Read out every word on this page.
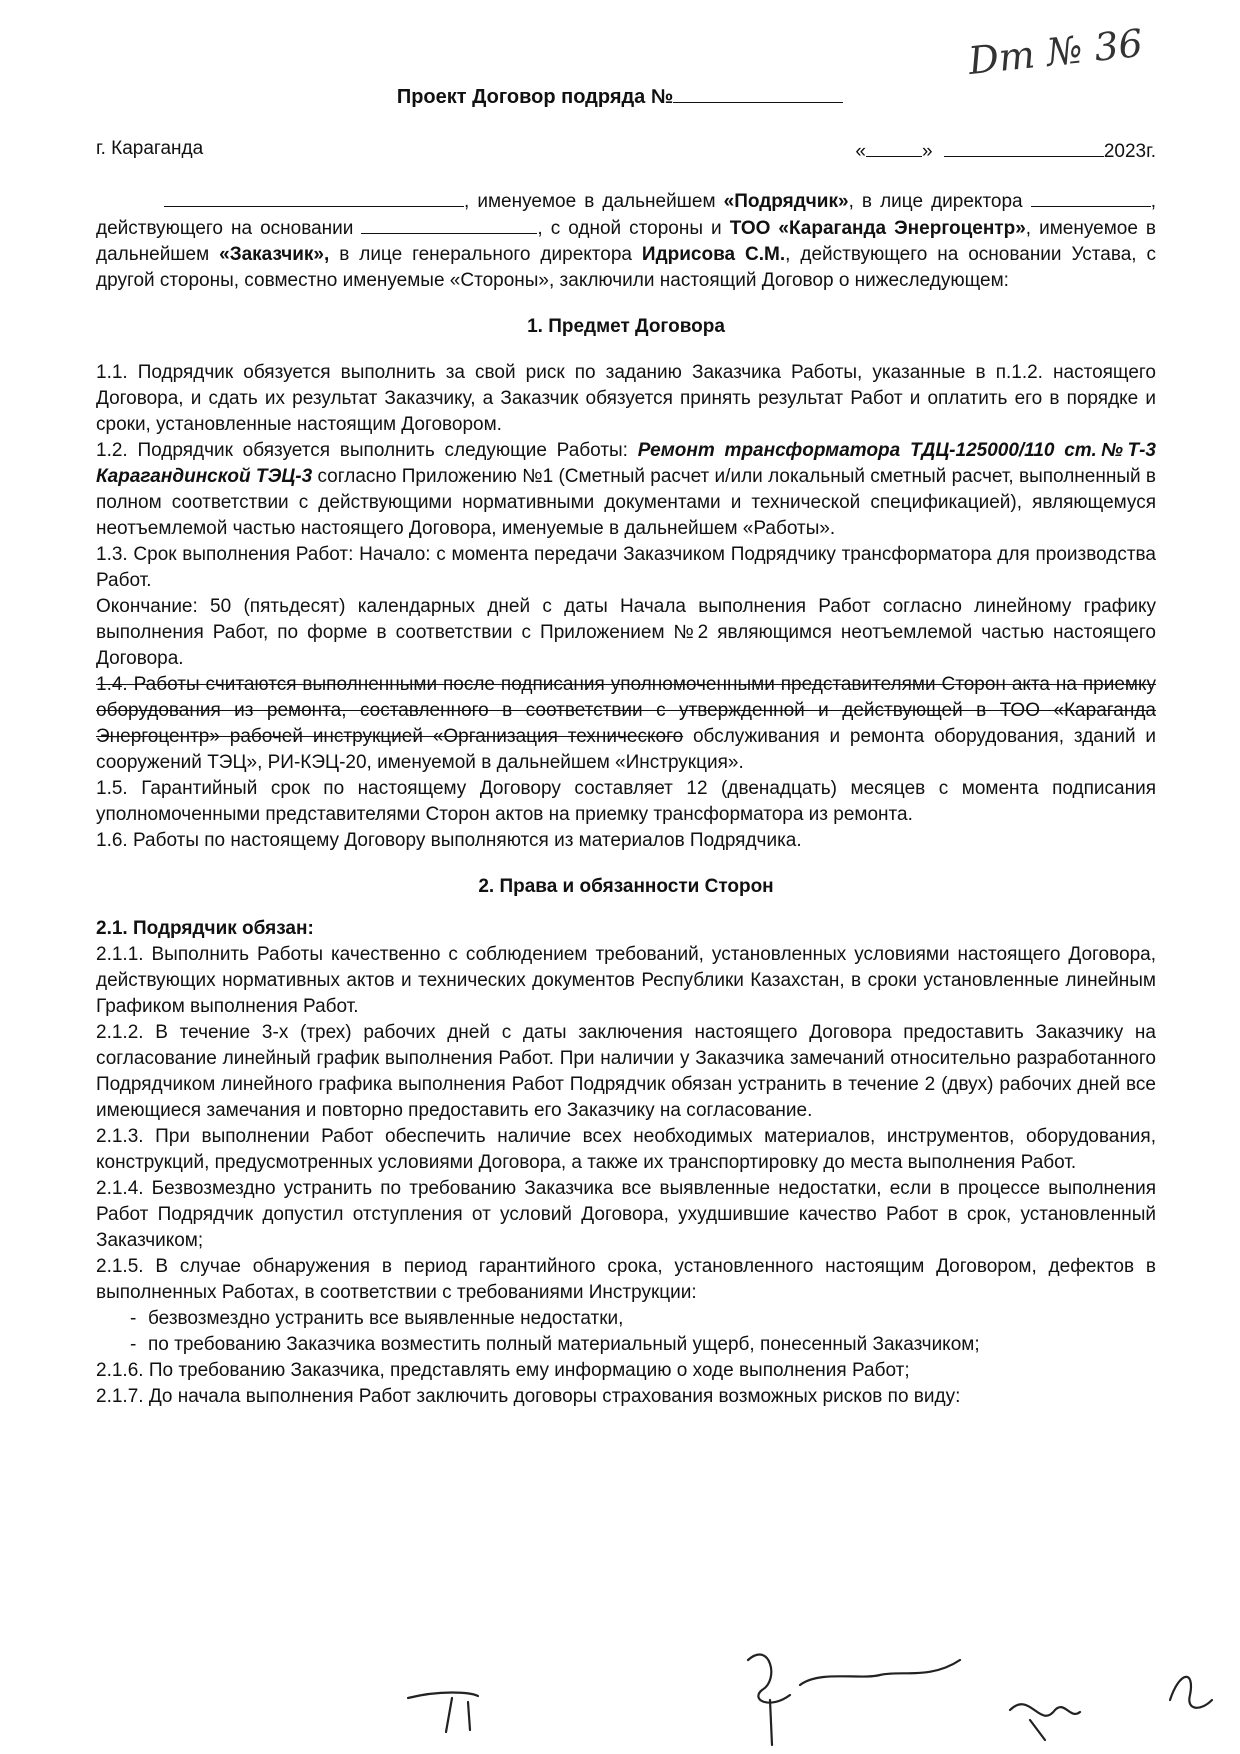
Dm № 36
Проект Договор подряда №
г. Караганда	«	»	2023г.

, именуемое в дальнейшем «Подрядчик», в лице директора	, действующего на основании	, с одной стороны и ТОО «Караганда Энергоцентр», именуемое в дальнейшем «Заказчик», в лице генерального директора Идрисова С.М., действующего на основании Устава, с другой стороны, совместно именуемые «Стороны», заключили настоящий Договор о нижеследующем:

1. Предмет Договора

1.1. Подрядчик обязуется выполнить за свой риск по заданию Заказчика Работы, указанные в п.1.2. настоящего Договора, и сдать их результат Заказчику, а Заказчик обязуется принять результат Работ и оплатить его в порядке и сроки, установленные настоящим Договором.

1.2. Подрядчик обязуется выполнить следующие Работы: Ремонт трансформатора ТДЦ-125000/110 ст.№Т-3 Карагандинской ТЭЦ-3 согласно Приложению №1 (Сметный расчет и/или локальный сметный расчет, выполненный в полном соответствии с действующими нормативными документами и технической спецификацией), являющемуся неотъемлемой частью настоящего Договора, именуемые в дальнейшем «Работы».

1.3. Срок выполнения Работ: Начало: с момента передачи Заказчиком Подрядчику трансформатора для производства Работ.

Окончание: 50 (пятьдесят) календарных дней с даты Начала выполнения Работ согласно линейному графику выполнения Работ, по форме в соответствии с Приложением №2 являющимся неотъемлемой частью настоящего Договора.

1.4. Работы считаются выполненными после подписания уполномоченными представителями Сторон акта на приемку оборудования из ремонта, составленного в соответствии с утвержденной и действующей в ТОО «Караганда Энергоцентр» рабочей инструкцией «Организация технического обслуживания и ремонта оборудования, зданий и сооружений ТЭЦ», РИ-КЭЦ-20, именуемой в дальнейшем «Инструкция».

1.5. Гарантийный срок по настоящему Договору составляет 12 (двенадцать) месяцев с момента подписания уполномоченными представителями Сторон актов на приемку трансформатора из ремонта.

1.6. Работы по настоящему Договору выполняются из материалов Подрядчика.

2. Права и обязанности Сторон

2.1. Подрядчик обязан:

2.1.1. Выполнить Работы качественно с соблюдением требований, установленных условиями настоящего Договора, действующих нормативных актов и технических документов Республики Казахстан, в сроки установленные линейным Графиком выполнения Работ.

2.1.2. В течение 3-х (трех) рабочих дней с даты заключения настоящего Договора предоставить Заказчику на согласование линейный график выполнения Работ. При наличии у Заказчика замечаний относительно разработанного Подрядчиком линейного графика выполнения Работ Подрядчик обязан устранить в течение 2 (двух) рабочих дней все имеющиеся замечания и повторно предоставить его Заказчику на согласование.

2.1.3. При выполнении Работ обеспечить наличие всех необходимых материалов, инструментов, оборудования, конструкций, предусмотренных условиями Договора, а также их транспортировку до места выполнения Работ.

2.1.4. Безвозмездно устранить по требованию Заказчика все выявленные недостатки, если в процессе выполнения Работ Подрядчик допустил отступления от условий Договора, ухудшившие качество Работ в срок, установленный Заказчиком;

2.1.5. В случае обнаружения в период гарантийного срока, установленного настоящим Договором, дефектов в выполненных Работах, в соответствии с требованиями Инструкции:

- безвозмездно устранить все выявленные недостатки,
- по требованию Заказчика возместить полный материальный ущерб, понесенный Заказчиком;

2.1.6. По требованию Заказчика, представлять ему информацию о ходе выполнения Работ;

2.1.7. До начала выполнения Работ заключить договоры страхования возможных рисков по виду:
